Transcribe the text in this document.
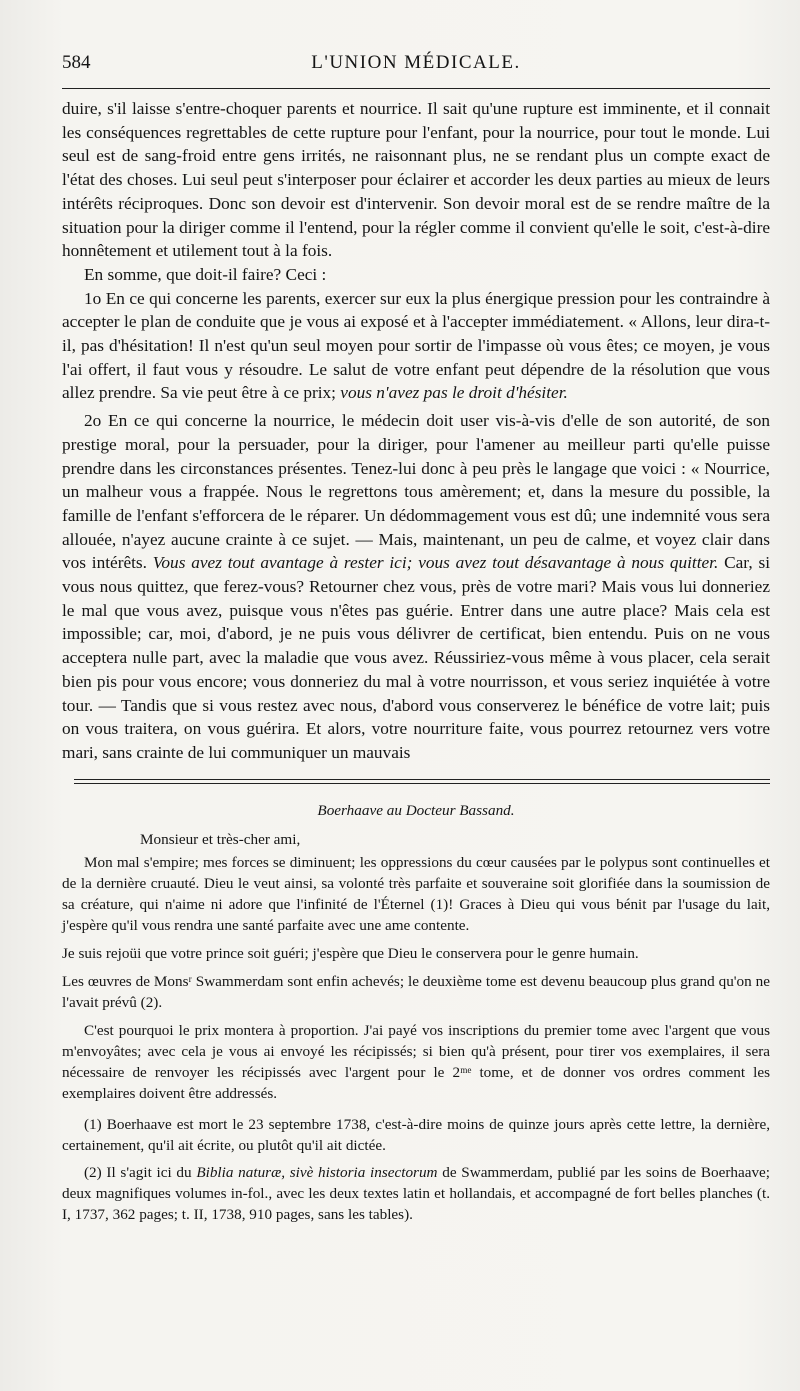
584	L'UNION MÉDICALE.

duire, s'il laisse s'entre-choquer parents et nourrice. Il sait qu'une rupture est imminente, et il connait les conséquences regrettables de cette rupture pour l'enfant, pour la nourrice, pour tout le monde. Lui seul est de sang-froid entre gens irrités, ne raisonnant plus, ne se rendant plus un compte exact de l'état des choses. Lui seul peut s'interposer pour éclairer et accorder les deux parties au mieux de leurs intérêts réciproques. Donc son devoir est d'intervenir. Son devoir moral est de se rendre maître de la situation pour la diriger comme il l'entend, pour la régler comme il convient qu'elle le soit, c'est-à-dire honnêtement et utilement tout à la fois.

En somme, que doit-il faire? Ceci :

1o En ce qui concerne les parents, exercer sur eux la plus énergique pression pour les contraindre à accepter le plan de conduite que je vous ai exposé et à l'accepter immédiatement. « Allons, leur dira-t-il, pas d'hésitation! Il n'est qu'un seul moyen pour sortir de l'impasse où vous êtes; ce moyen, je vous l'ai offert, il faut vous y résoudre. Le salut de votre enfant peut dépendre de la résolution que vous allez prendre. Sa vie peut être à ce prix; vous n'avez pas le droit d'hésiter.

2o En ce qui concerne la nourrice, le médecin doit user vis-à-vis d'elle de son autorité, de son prestige moral, pour la persuader, pour la diriger, pour l'amener au meilleur parti qu'elle puisse prendre dans les circonstances présentes. Tenez-lui donc à peu près le langage que voici : « Nourrice, un malheur vous a frappée. Nous le regrettons tous amèrement; et, dans la mesure du possible, la famille de l'enfant s'efforcera de le réparer. Un dédommagement vous est dû; une indemnité vous sera allouée, n'ayez aucune crainte à ce sujet. — Mais, maintenant, un peu de calme, et voyez clair dans vos intérêts. Vous avez tout avantage à rester ici; vous avez tout désavantage à nous quitter. Car, si vous nous quittez, que ferez-vous? Retourner chez vous, près de votre mari? Mais vous lui donneriez le mal que vous avez, puisque vous n'êtes pas guérie. Entrer dans une autre place? Mais cela est impossible; car, moi, d'abord, je ne puis vous délivrer de certificat, bien entendu. Puis on ne vous acceptera nulle part, avec la maladie que vous avez. Réussiriez-vous même à vous placer, cela serait bien pis pour vous encore; vous donneriez du mal à votre nourrisson, et vous seriez inquiétée à votre tour. — Tandis que si vous restez avec nous, d'abord vous conserverez le bénéfice de votre lait; puis on vous traitera, on vous guérira. Et alors, votre nourriture faite, vous pourrez retournez vers votre mari, sans crainte de lui communiquer un mauvais

Boerhaave au Docteur Bassand.

Monsieur et très-cher ami,

Mon mal s'empire; mes forces se diminuent; les oppressions du cœur causées par le polypus sont continuelles et de la dernière cruauté. Dieu le veut ainsi, sa volonté très parfaite et souveraine soit glorifiée dans la soumission de sa créature, qui n'aime ni adore que l'infinité de l'Éternel (1)! Graces à Dieu qui vous bénit par l'usage du lait, j'espère qu'il vous rendra une santé parfaite avec une ame contente.

Je suis rejoüi que votre prince soit guéri; j'espère que Dieu le conservera pour le genre humain.

Les œuvres de Monsʳ Swammerdam sont enfin achevés; le deuxième tome est devenu beaucoup plus grand qu'on ne l'avait prévû (2).

C'est pourquoi le prix montera à proportion. J'ai payé vos inscriptions du premier tome avec l'argent que vous m'envoyâtes; avec cela je vous ai envoyé les récipissés; si bien qu'à présent, pour tirer vos exemplaires, il sera nécessaire de renvoyer les récipissés avec l'argent pour le 2ᵐᵉ tome, et de donner vos ordres comment les exemplaires doivent être addressés.

(1) Boerhaave est mort le 23 septembre 1738, c'est-à-dire moins de quinze jours après cette lettre, la dernière, certainement, qu'il ait écrite, ou plutôt qu'il ait dictée.

(2) Il s'agit ici du Biblia naturæ, sivè historia insectorum de Swammerdam, publié par les soins de Boerhaave; deux magnifiques volumes in-fol., avec les deux textes latin et hollandais, et accompagné de fort belles planches (t. I, 1737, 362 pages; t. II, 1738, 910 pages, sans les tables).
